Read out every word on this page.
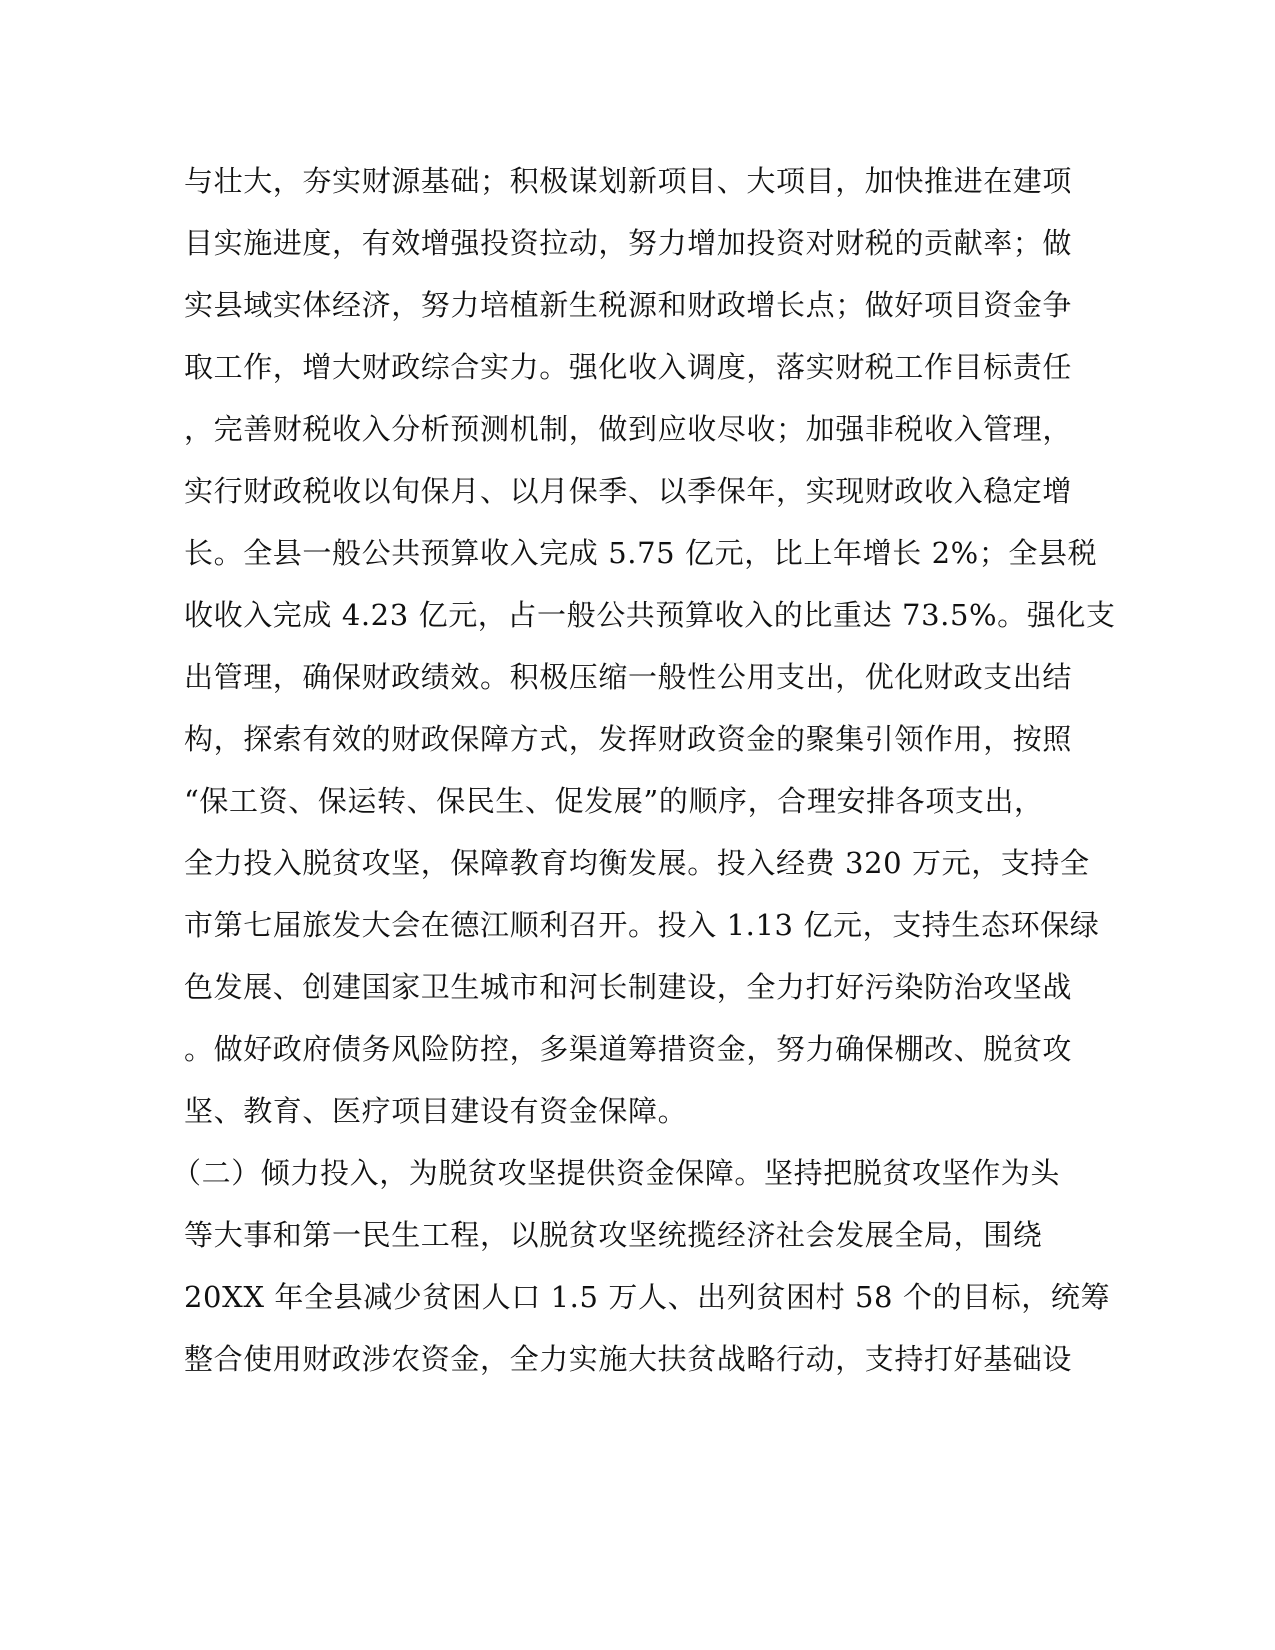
与壮大，夯实财源基础；积极谋划新项目、大项目，加快推进在建项
目实施进度，有效增强投资拉动，努力增加投资对财税的贡献率；做
实县域实体经济，努力培植新生税源和财政增长点；做好项目资金争
取工作，增大财政综合实力。强化收入调度，落实财税工作目标责任
，完善财税收入分析预测机制，做到应收尽收；加强非税收入管理，
实行财政税收以旬保月、以月保季、以季保年，实现财政收入稳定增
长。全县一般公共预算收入完成 5.75 亿元，比上年增长 2%；全县税
收收入完成 4.23 亿元，占一般公共预算收入的比重达 73.5%。强化支
出管理，确保财政绩效。积极压缩一般性公用支出，优化财政支出结
构，探索有效的财政保障方式，发挥财政资金的聚集引领作用，按照
“保工资、保运转、保民生、促发展”的顺序，合理安排各项支出，
全力投入脱贫攻坚，保障教育均衡发展。投入经费 320 万元，支持全
市第七届旅发大会在德江顺利召开。投入 1.13 亿元，支持生态环保绿
色发展、创建国家卫生城市和河长制建设，全力打好污染防治攻坚战
。做好政府债务风险防控，多渠道筹措资金，努力确保棚改、脱贫攻
坚、教育、医疗项目建设有资金保障。
（二）倾力投入，为脱贫攻坚提供资金保障。坚持把脱贫攻坚作为头
等大事和第一民生工程，以脱贫攻坚统揽经济社会发展全局，围绕
20XX 年全县减少贫困人口 1.5 万人、出列贫困村 58 个的目标，统筹
整合使用财政涉农资金，全力实施大扶贫战略行动，支持打好基础设
